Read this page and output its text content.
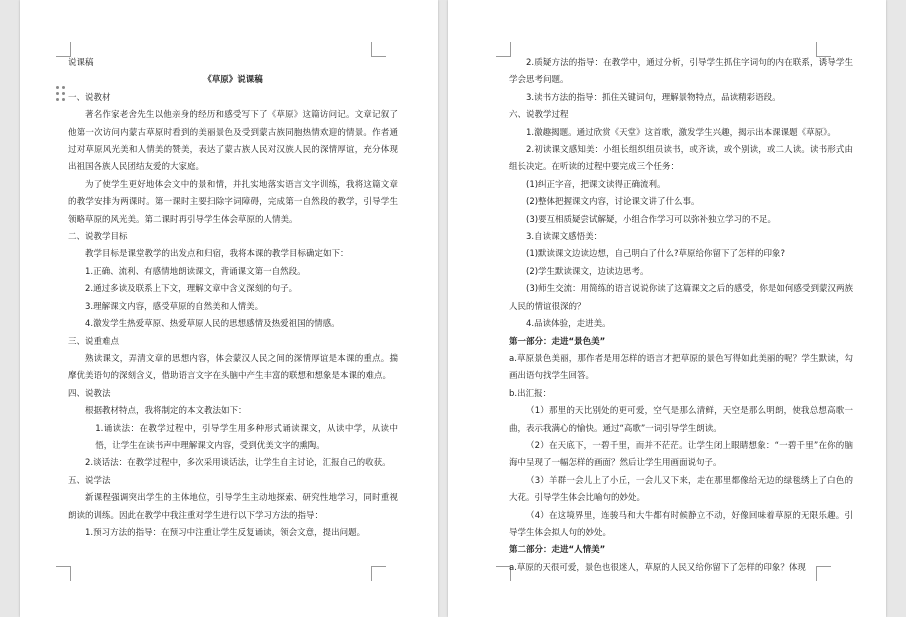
说课稿

《草原》说课稿

一、说教材

著名作家老舍先生以他亲身的经历和感受写下了《草原》这篇访问记。文章记叙了他第一次访问内蒙古草原时看到的美丽景色及受到蒙古族同胞热情欢迎的情景。作者通过对草原风光美和人情美的赞美，表达了蒙古族人民对汉族人民的深情厚谊，充分体现出祖国各族人民团结友爱的大家庭。

为了使学生更好地体会文中的景和情，并扎实地落实语言文字训练，我将这篇文章的教学安排为两课时。第一课时主要扫除字词障碍，完成第一自然段的教学，引导学生领略草原的风光美。第二课时再引导学生体会草原的人情美。

二、说教学目标

教学目标是课堂教学的出发点和归宿，我将本课的教学目标确定如下：

1.正确、流利、有感情地朗读课文，背诵课文第一自然段。

2.通过多读及联系上下文，理解文章中含义深刻的句子。

3.理解课文内容，感受草原的自然美和人情美。

4.激发学生热爱草原、热爱草原人民的思想感情及热爱祖国的情感。

三、说重难点

熟读课文，弄清文章的思想内容，体会蒙汉人民之间的深情厚谊是本课的重点。揣摩优美语句的深刻含义，借助语言文字在头脑中产生丰富的联想和想象是本课的难点。

四、说教法

根据教材特点，我将制定的本文教法如下：

1.诵读法：在教学过程中，引导学生用多种形式诵读课文，从读中学，从读中悟，让学生在读书声中理解课文内容，受到优美文字的熏陶。

2.谈话法：在教学过程中，多次采用谈话法，让学生自主讨论，汇报自己的收获。

五、说学法

新课程强调突出学生的主体地位，引导学生主动地探索、研究性地学习，同时重视朗读的训练。因此在教学中我注重对学生进行以下学习方法的指导：

1.预习方法的指导：在预习中注重让学生反复诵读，领会文意，提出问题。

2.质疑方法的指导：在教学中，通过分析，引导学生抓住字词句的内在联系，诱导学生学会思考问题。

3.读书方法的指导：抓住关键词句，理解景物特点，品读精彩语段。

六、说教学过程

1.激趣揭题。通过欣赏《天堂》这首歌，激发学生兴趣，揭示出本课课题《草原》。

2.初读课文感知美：小组长组织组员读书，或齐读，或个别读，或二人读。读书形式由组长决定。在听读的过程中要完成三个任务：

(1)纠正字音，把课文读得正确流利。

(2)整体把握课文内容，讨论课文讲了什么事。

(3)要互相质疑尝试解疑，小组合作学习可以弥补独立学习的不足。

3.自读课文感悟美：

(1)默读课文边读边想，自己明白了什么?草原给你留下了怎样的印象?

(2)学生默读课文，边读边思考。

(3)师生交流：用简练的语言说说你读了这篇课文之后的感受，你是如何感受到蒙汉两族人民的情谊很深的？

4.品读体验，走进美。

第一部分：走进“景色美”

a.草原景色美丽，那作者是用怎样的语言才把草原的景色写得如此美丽的呢？学生默读，勾画出语句找学生回答。

b.出汇报：

（1）那里的天比别处的更可爱，空气是那么清鲜，天空是那么明朗，使我总想高歌一曲，表示我满心的愉快。通过“高歌”一词引导学生朗读。

（2）在天底下，一碧千里，而并不茫茫。让学生闭上眼睛想象：“一碧千里”在你的脑海中呈现了一幅怎样的画面？然后让学生用画面说句子。

（3）羊群一会儿上了小丘，一会儿又下来，走在那里都像给无边的绿毯绣上了白色的大花。引导学生体会比喻句的妙处。

（4）在这境界里，连骏马和大牛都有时候静立不动，好像回味着草原的无限乐趣。引导学生体会拟人句的妙处。

第二部分：走进“人情美”

a.草原的天很可爱，景色也很迷人，草原的人民又给你留下了怎样的印象？体现
